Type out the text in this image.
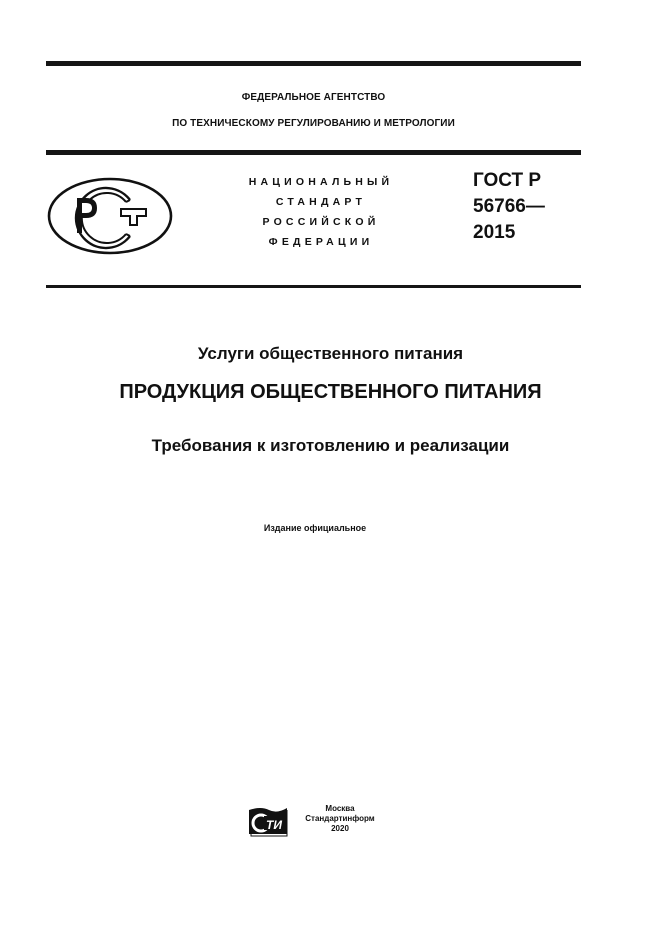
ФЕДЕРАЛЬНОЕ АГЕНТСТВО
ПО ТЕХНИЧЕСКОМУ РЕГУЛИРОВАНИЮ И МЕТРОЛОГИИ
НАЦИОНАЛЬНЫЙ
СТАНДАРТ
РОССИЙСКОЙ
ФЕДЕРАЦИИ
ГОСТ Р
56766—
2015
Услуги общественного питания
ПРОДУКЦИЯ ОБЩЕСТВЕННОГО ПИТАНИЯ
Требования к изготовлению и реализации
Издание официальное
ТИ
Москва
Стандартинформ
2020
